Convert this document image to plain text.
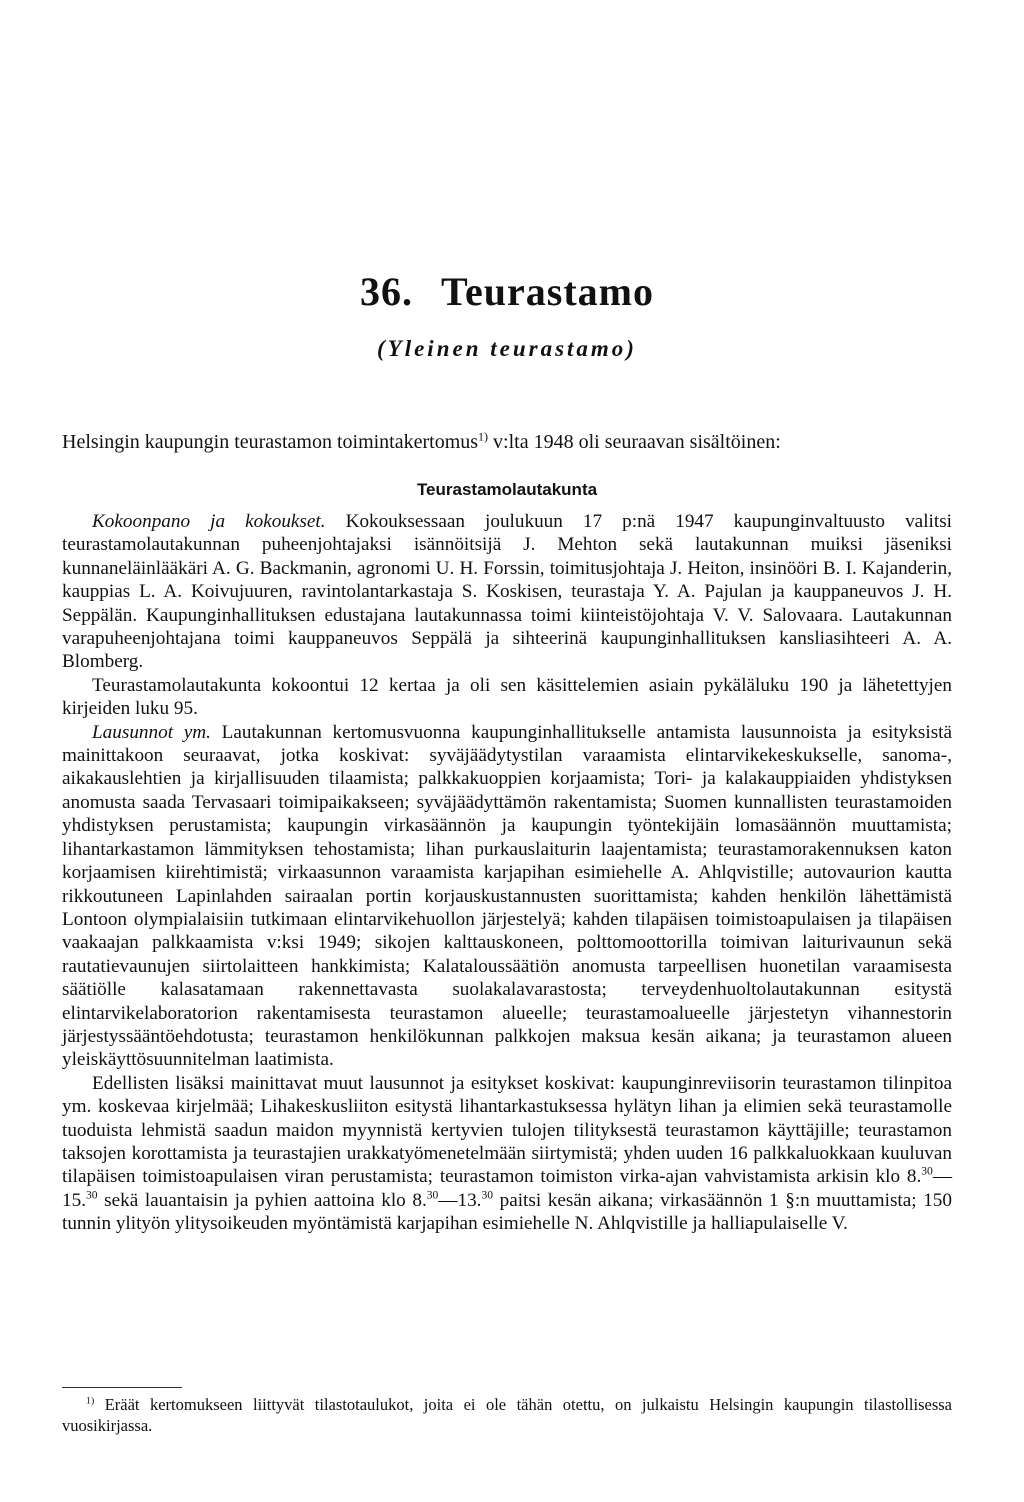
36. Teurastamo
(Yleinen teurastamo)
Helsingin kaupungin teurastamon toimintakertomus$^{1)}$ v:lta 1948 oli seuraavan sisältöinen:
Teurastamolautakunta

Kokoonpano ja kokoukset. Kokouksessaan joulukuun 17 p:nä 1947 kaupunginvaltuusto valitsi teurastamolautakunnan puheenjohtajaksi isännöitsijä J. Mehton sekä lautakunnan muiksi jäseniksi kunnaneläinlääkäri A. G. Backmanin, agronomi U. H. Forssin, toimitusjohtaja J. Heiton, insinööri B. I. Kajanderin, kauppias L. A. Koivujuuren, ravintolantarkastaja S. Koskisen, teurastaja Y. A. Pajulan ja kauppaneuvos J. H. Seppälän. Kaupunginhallituksen edustajana lautakunnassa toimi kiinteistöjohtaja V. V. Salovaara. Lautakunnan varapuheenjohtajana toimi kauppaneuvos Seppälä ja sihteerinä kaupunginhallituksen kansliasihteeri A. A. Blomberg.

Teurastamolautakunta kokoontui 12 kertaa ja oli sen käsittelemien asiain pykäläluku 190 ja lähetettyjen kirjeiden luku 95.

Lausunnot ym. Lautakunnan kertomusvuonna kaupunginhallitukselle antamista lausunnoista ja esityksistä mainittakoon seuraavat, jotka koskivat: syväjäädytystilan varaamista elintarvikekeskukselle, sanoma-, aikakauslehtien ja kirjallisuuden tilaamista; palkkakuoppien korjaamista; Tori- ja kalakauppiaiden yhdistyksen anomusta saada Tervasaari toimipaikakseen; syväjäädyttämön rakentamista; Suomen kunnallisten teurastamoiden yhdistyksen perustamista; kaupungin virkasäännön ja kaupungin työntekijäin lomasäännön muuttamista; lihantarkastamon lämmityksen tehostamista; lihan purkauslaiturin laajentamista; teurastamorakennuksen katon korjaamisen kiirehtimistä; virkaasunnon varaamista karjapihan esimiehelle A. Ahlqvistille; autovaurion kautta rikkoutuneen Lapinlahden sairaalan portin korjauskustannusten suorittamista; kahden henkilön lähettämistä Lontoon olympialaisiin tutkimaan elintarvikehuollon järjestelyä; kahden tilapäisen toimistoapulaisen ja tilapäisen vaakaajan palkkaamista v:ksi 1949; sikojen kalttauskoneen, polttomoottorilla toimivan laiturivaunun sekä rautatievaunujen siirtolaitteen hankkimista; Kalataloussäätiön anomusta tarpeellisen huonetilan varaamisesta säätiölle kalasatamaan rakennettavasta suolakalavarastosta; terveydenhuoltolautakunnan esitystä elintarvikelaboratorion rakentamisesta teurastamon alueelle; teurastamoalueelle järjestetyn vihannestorin järjestyssääntöehdotusta; teurastamon henkilökunnan palkkojen maksua kesän aikana; ja teurastamon alueen yleiskäyttösuunnitelman laatimista.

Edellisten lisäksi mainittavat muut lausunnot ja esitykset koskivat: kaupunginreviisorin teurastamon tilinpitoa ym. koskevaa kirjelmää; Lihakeskusliiton esitystä lihantarkastuksessa hylätyn lihan ja elimien sekä teurastamolle tuoduista lehmistä saadun maidon myynnistä kertyvien tulojen tilityksestä teurastamon käyttäjille; teurastamon taksojen korottamista ja teurastajien urakkatyömenetelmään siirtymistä; yhden uuden 16 palkkaluokkaan kuuluvan tilapäisen toimistoapulaisen viran perustamista; teurastamon toimiston virka-ajan vahvistamista arkisin klo 8.30—15.30 sekä lauantaisin ja pyhien aattoina klo 8.30—13.30 paitsi kesän aikana; virkasäännön 1 §:n muuttamista; 150 tunnin ylityön ylitysoikeuden myöntämistä karjapihan esimiehelle N. Ahlqvistille ja halliapulaiselle V.

$^{1)}$ Eräät kertomukseen liittyvät tilastotaulukot, joita ei ole tähän otettu, on julkaistu Helsingin kaupungin tilastollisessa vuosikirjassa.
